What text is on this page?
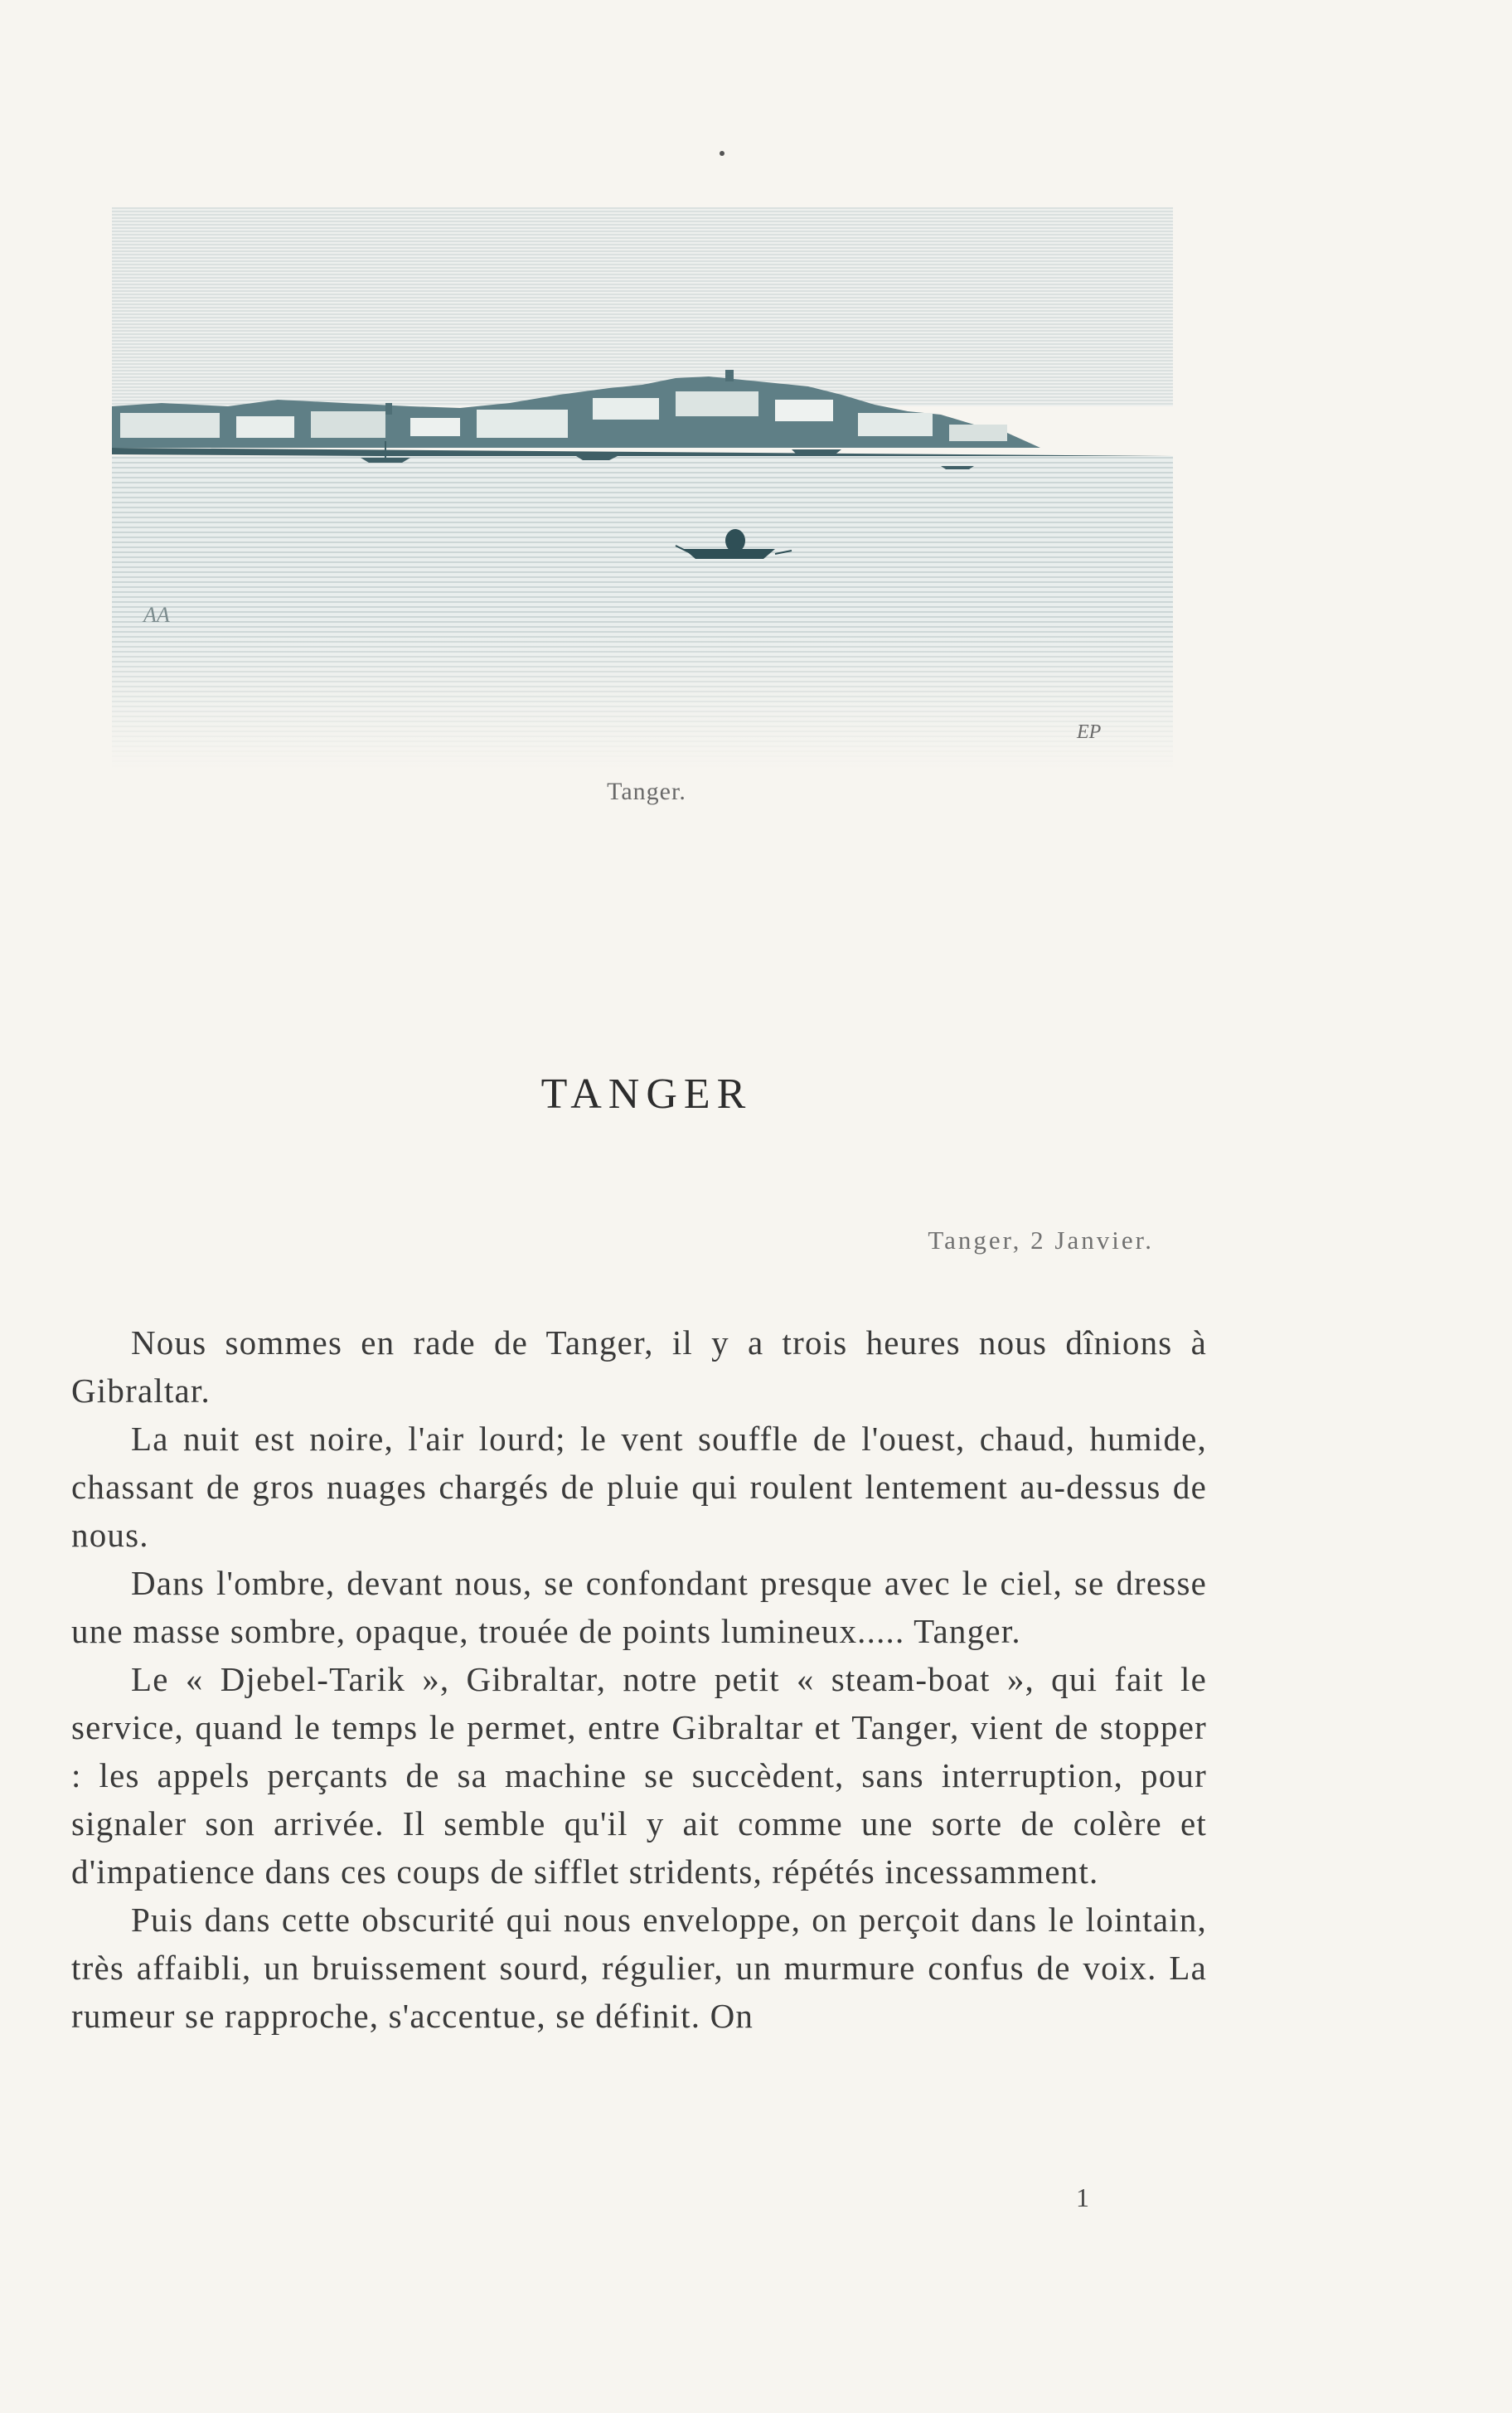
AA
EP
Tanger.
TANGER
Tanger, 2 Janvier.

Nous sommes en rade de Tanger, il y a trois heures nous dînions à Gibraltar.

La nuit est noire, l'air lourd; le vent souffle de l'ouest, chaud, humide, chassant de gros nuages chargés de pluie qui roulent lentement au-dessus de nous.

Dans l'ombre, devant nous, se confondant presque avec le ciel, se dresse une masse sombre, opaque, trouée de points lumineux..... Tanger.

Le « Djebel-Tarik », Gibraltar, notre petit « steam-boat », qui fait le service, quand le temps le permet, entre Gibraltar et Tanger, vient de stopper : les appels perçants de sa machine se succèdent, sans interruption, pour signaler son arrivée. Il semble qu'il y ait comme une sorte de colère et d'impatience dans ces coups de sifflet stridents, répétés incessamment.

Puis dans cette obscurité qui nous enveloppe, on perçoit dans le lointain, très affaibli, un bruissement sourd, régulier, un murmure confus de voix. La rumeur se rapproche, s'accentue, se définit. On

1
